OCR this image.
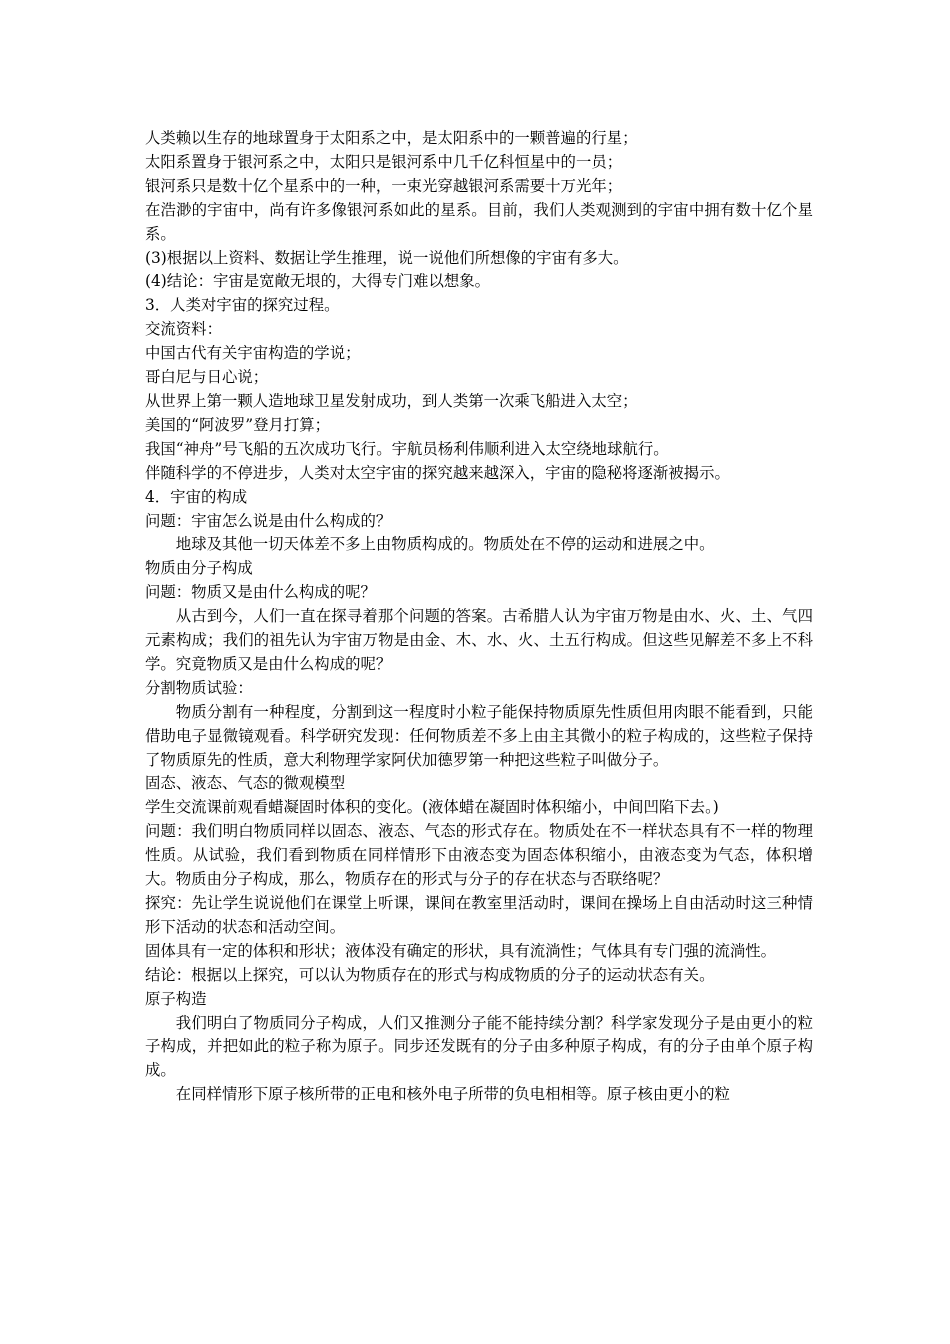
人类赖以生存的地球置身于太阳系之中，是太阳系中的一颗普遍的行星；

太阳系置身于银河系之中，太阳只是银河系中几千亿科恒星中的一员；

银河系只是数十亿个星系中的一种，一束光穿越银河系需要十万光年；

在浩渺的宇宙中，尚有许多像银河系如此的星系。目前，我们人类观测到的宇宙中拥有数十亿个星系。

(3)根据以上资料、数据让学生推理，说一说他们所想像的宇宙有多大。

(4)结论：宇宙是宽敞无垠的，大得专门难以想象。

3．人类对宇宙的探究过程。

交流资料：

中国古代有关宇宙构造的学说；

哥白尼与日心说；

从世界上第一颗人造地球卫星发射成功，到人类第一次乘飞船进入太空；

美国的“阿波罗”登月打算；

我国“神舟”号飞船的五次成功飞行。宇航员杨利伟顺利进入太空绕地球航行。

伴随科学的不停进步，人类对太空宇宙的探究越来越深入，宇宙的隐秘将逐渐被揭示。

4．宇宙的构成

问题：宇宙怎么说是由什么构成的？

地球及其他一切天体差不多上由物质构成的。物质处在不停的运动和进展之中。

物质由分子构成

问题：物质又是由什么构成的呢？

从古到今，人们一直在探寻着那个问题的答案。古希腊人认为宇宙万物是由水、火、土、气四元素构成；我们的祖先认为宇宙万物是由金、木、水、火、土五行构成。但这些见解差不多上不科学。究竟物质又是由什么构成的呢？

分割物质试验：

物质分割有一种程度，分割到这一程度时小粒子能保持物质原先性质但用肉眼不能看到，只能借助电子显微镜观看。科学研究发现：任何物质差不多上由主其微小的粒子构成的，这些粒子保持了物质原先的性质，意大利物理学家阿伏加德罗第一种把这些粒子叫做分子。

固态、液态、气态的微观模型

学生交流课前观看蜡凝固时体积的变化。(液体蜡在凝固时体积缩小，中间凹陷下去。)

问题：我们明白物质同样以固态、液态、气态的形式存在。物质处在不一样状态具有不一样的物理性质。从试验，我们看到物质在同样情形下由液态变为固态体积缩小，由液态变为气态，体积增大。物质由分子构成，那么，物质存在的形式与分子的存在状态与否联络呢？

探究：先让学生说说他们在课堂上听课，课间在教室里活动时，课间在操场上自由活动时这三种情形下活动的状态和活动空间。

固体具有一定的体积和形状；液体没有确定的形状，具有流淌性；气体具有专门强的流淌性。

结论：根据以上探究，可以认为物质存在的形式与构成物质的分子的运动状态有关。

原子构造

我们明白了物质同分子构成，人们又推测分子能不能持续分割？科学家发现分子是由更小的粒子构成，并把如此的粒子称为原子。同步还发既有的分子由多种原子构成，有的分子由单个原子构成。

在同样情形下原子核所带的正电和核外电子所带的负电相相等。原子核由更小的粒
